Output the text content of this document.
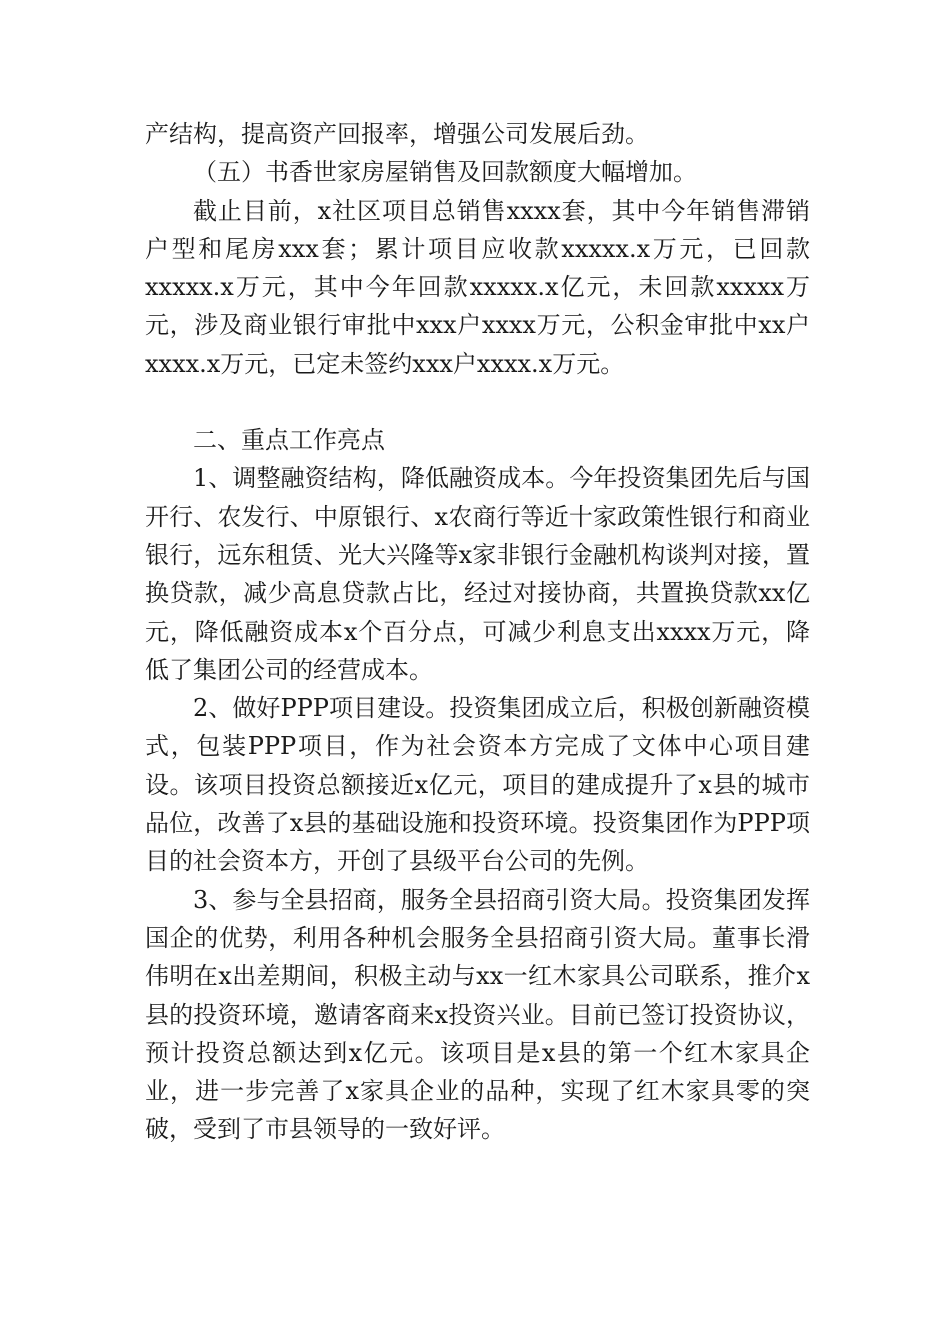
产结构，提高资产回报率，增强公司发展后劲。

（五）书香世家房屋销售及回款额度大幅增加。

截止目前，x社区项目总销售xxxx套，其中今年销售滞销户型和尾房xxx套；累计项目应收款xxxxx.x万元，已回款xxxxx.x万元，其中今年回款xxxxx.x亿元，未回款xxxxx万元，涉及商业银行审批中xxx户xxxx万元，公积金审批中xx户xxxx.x万元，已定未签约xxx户xxxx.x万元。

二、重点工作亮点

1、调整融资结构，降低融资成本。今年投资集团先后与国开行、农发行、中原银行、x农商行等近十家政策性银行和商业银行，远东租赁、光大兴隆等x家非银行金融机构谈判对接，置换贷款，减少高息贷款占比，经过对接协商，共置换贷款xx亿元，降低融资成本x个百分点，可减少利息支出xxxx万元，降低了集团公司的经营成本。

2、做好PPP项目建设。投资集团成立后，积极创新融资模式，包装PPP项目，作为社会资本方完成了文体中心项目建设。该项目投资总额接近x亿元，项目的建成提升了x县的城市品位，改善了x县的基础设施和投资环境。投资集团作为PPP项目的社会资本方，开创了县级平台公司的先例。

3、参与全县招商，服务全县招商引资大局。投资集团发挥国企的优势，利用各种机会服务全县招商引资大局。董事长滑伟明在x出差期间，积极主动与xx一红木家具公司联系，推介x县的投资环境，邀请客商来x投资兴业。目前已签订投资协议，预计投资总额达到x亿元。该项目是x县的第一个红木家具企业，进一步完善了x家具企业的品种，实现了红木家具零的突破，受到了市县领导的一致好评。
